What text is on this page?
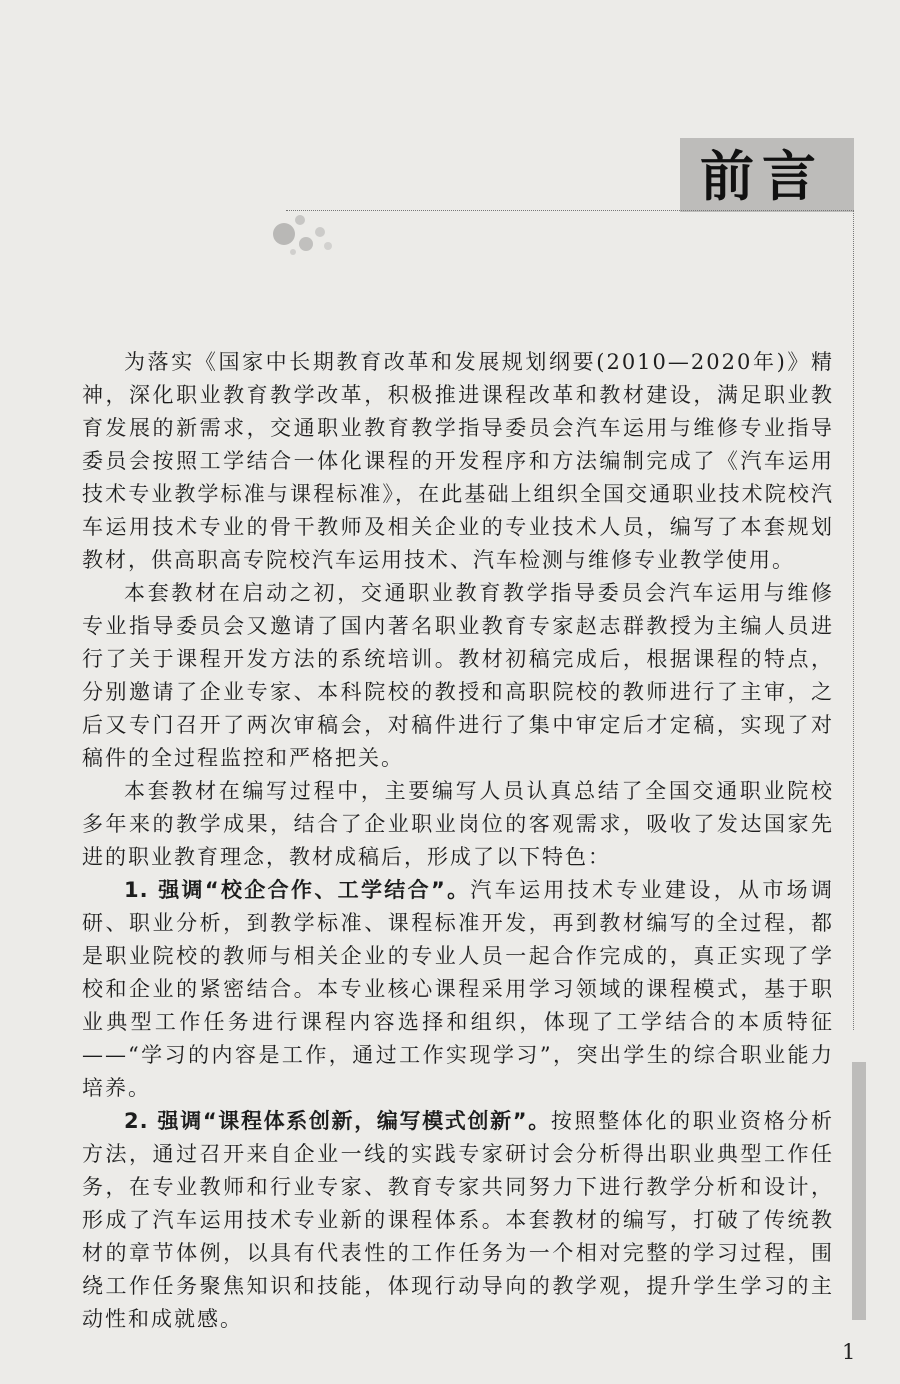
前言

为落实《国家中长期教育改革和发展规划纲要(2010—2020年)》精神，深化职业教育教学改革，积极推进课程改革和教材建设，满足职业教育发展的新需求，交通职业教育教学指导委员会汽车运用与维修专业指导委员会按照工学结合一体化课程的开发程序和方法编制完成了《汽车运用技术专业教学标准与课程标准》，在此基础上组织全国交通职业技术院校汽车运用技术专业的骨干教师及相关企业的专业技术人员，编写了本套规划教材，供高职高专院校汽车运用技术、汽车检测与维修专业教学使用。

本套教材在启动之初，交通职业教育教学指导委员会汽车运用与维修专业指导委员会又邀请了国内著名职业教育专家赵志群教授为主编人员进行了关于课程开发方法的系统培训。教材初稿完成后，根据课程的特点，分别邀请了企业专家、本科院校的教授和高职院校的教师进行了主审，之后又专门召开了两次审稿会，对稿件进行了集中审定后才定稿，实现了对稿件的全过程监控和严格把关。

本套教材在编写过程中，主要编写人员认真总结了全国交通职业院校多年来的教学成果，结合了企业职业岗位的客观需求，吸收了发达国家先进的职业教育理念，教材成稿后，形成了以下特色：

1. 强调“校企合作、工学结合”。汽车运用技术专业建设，从市场调研、职业分析，到教学标准、课程标准开发，再到教材编写的全过程，都是职业院校的教师与相关企业的专业人员一起合作完成的，真正实现了学校和企业的紧密结合。本专业核心课程采用学习领域的课程模式，基于职业典型工作任务进行课程内容选择和组织，体现了工学结合的本质特征——“学习的内容是工作，通过工作实现学习”，突出学生的综合职业能力培养。

2. 强调“课程体系创新，编写模式创新”。按照整体化的职业资格分析方法，通过召开来自企业一线的实践专家研讨会分析得出职业典型工作任务，在专业教师和行业专家、教育专家共同努力下进行教学分析和设计，形成了汽车运用技术专业新的课程体系。本套教材的编写，打破了传统教材的章节体例，以具有代表性的工作任务为一个相对完整的学习过程，围绕工作任务聚焦知识和技能，体现行动导向的教学观，提升学生学习的主动性和成就感。

1
